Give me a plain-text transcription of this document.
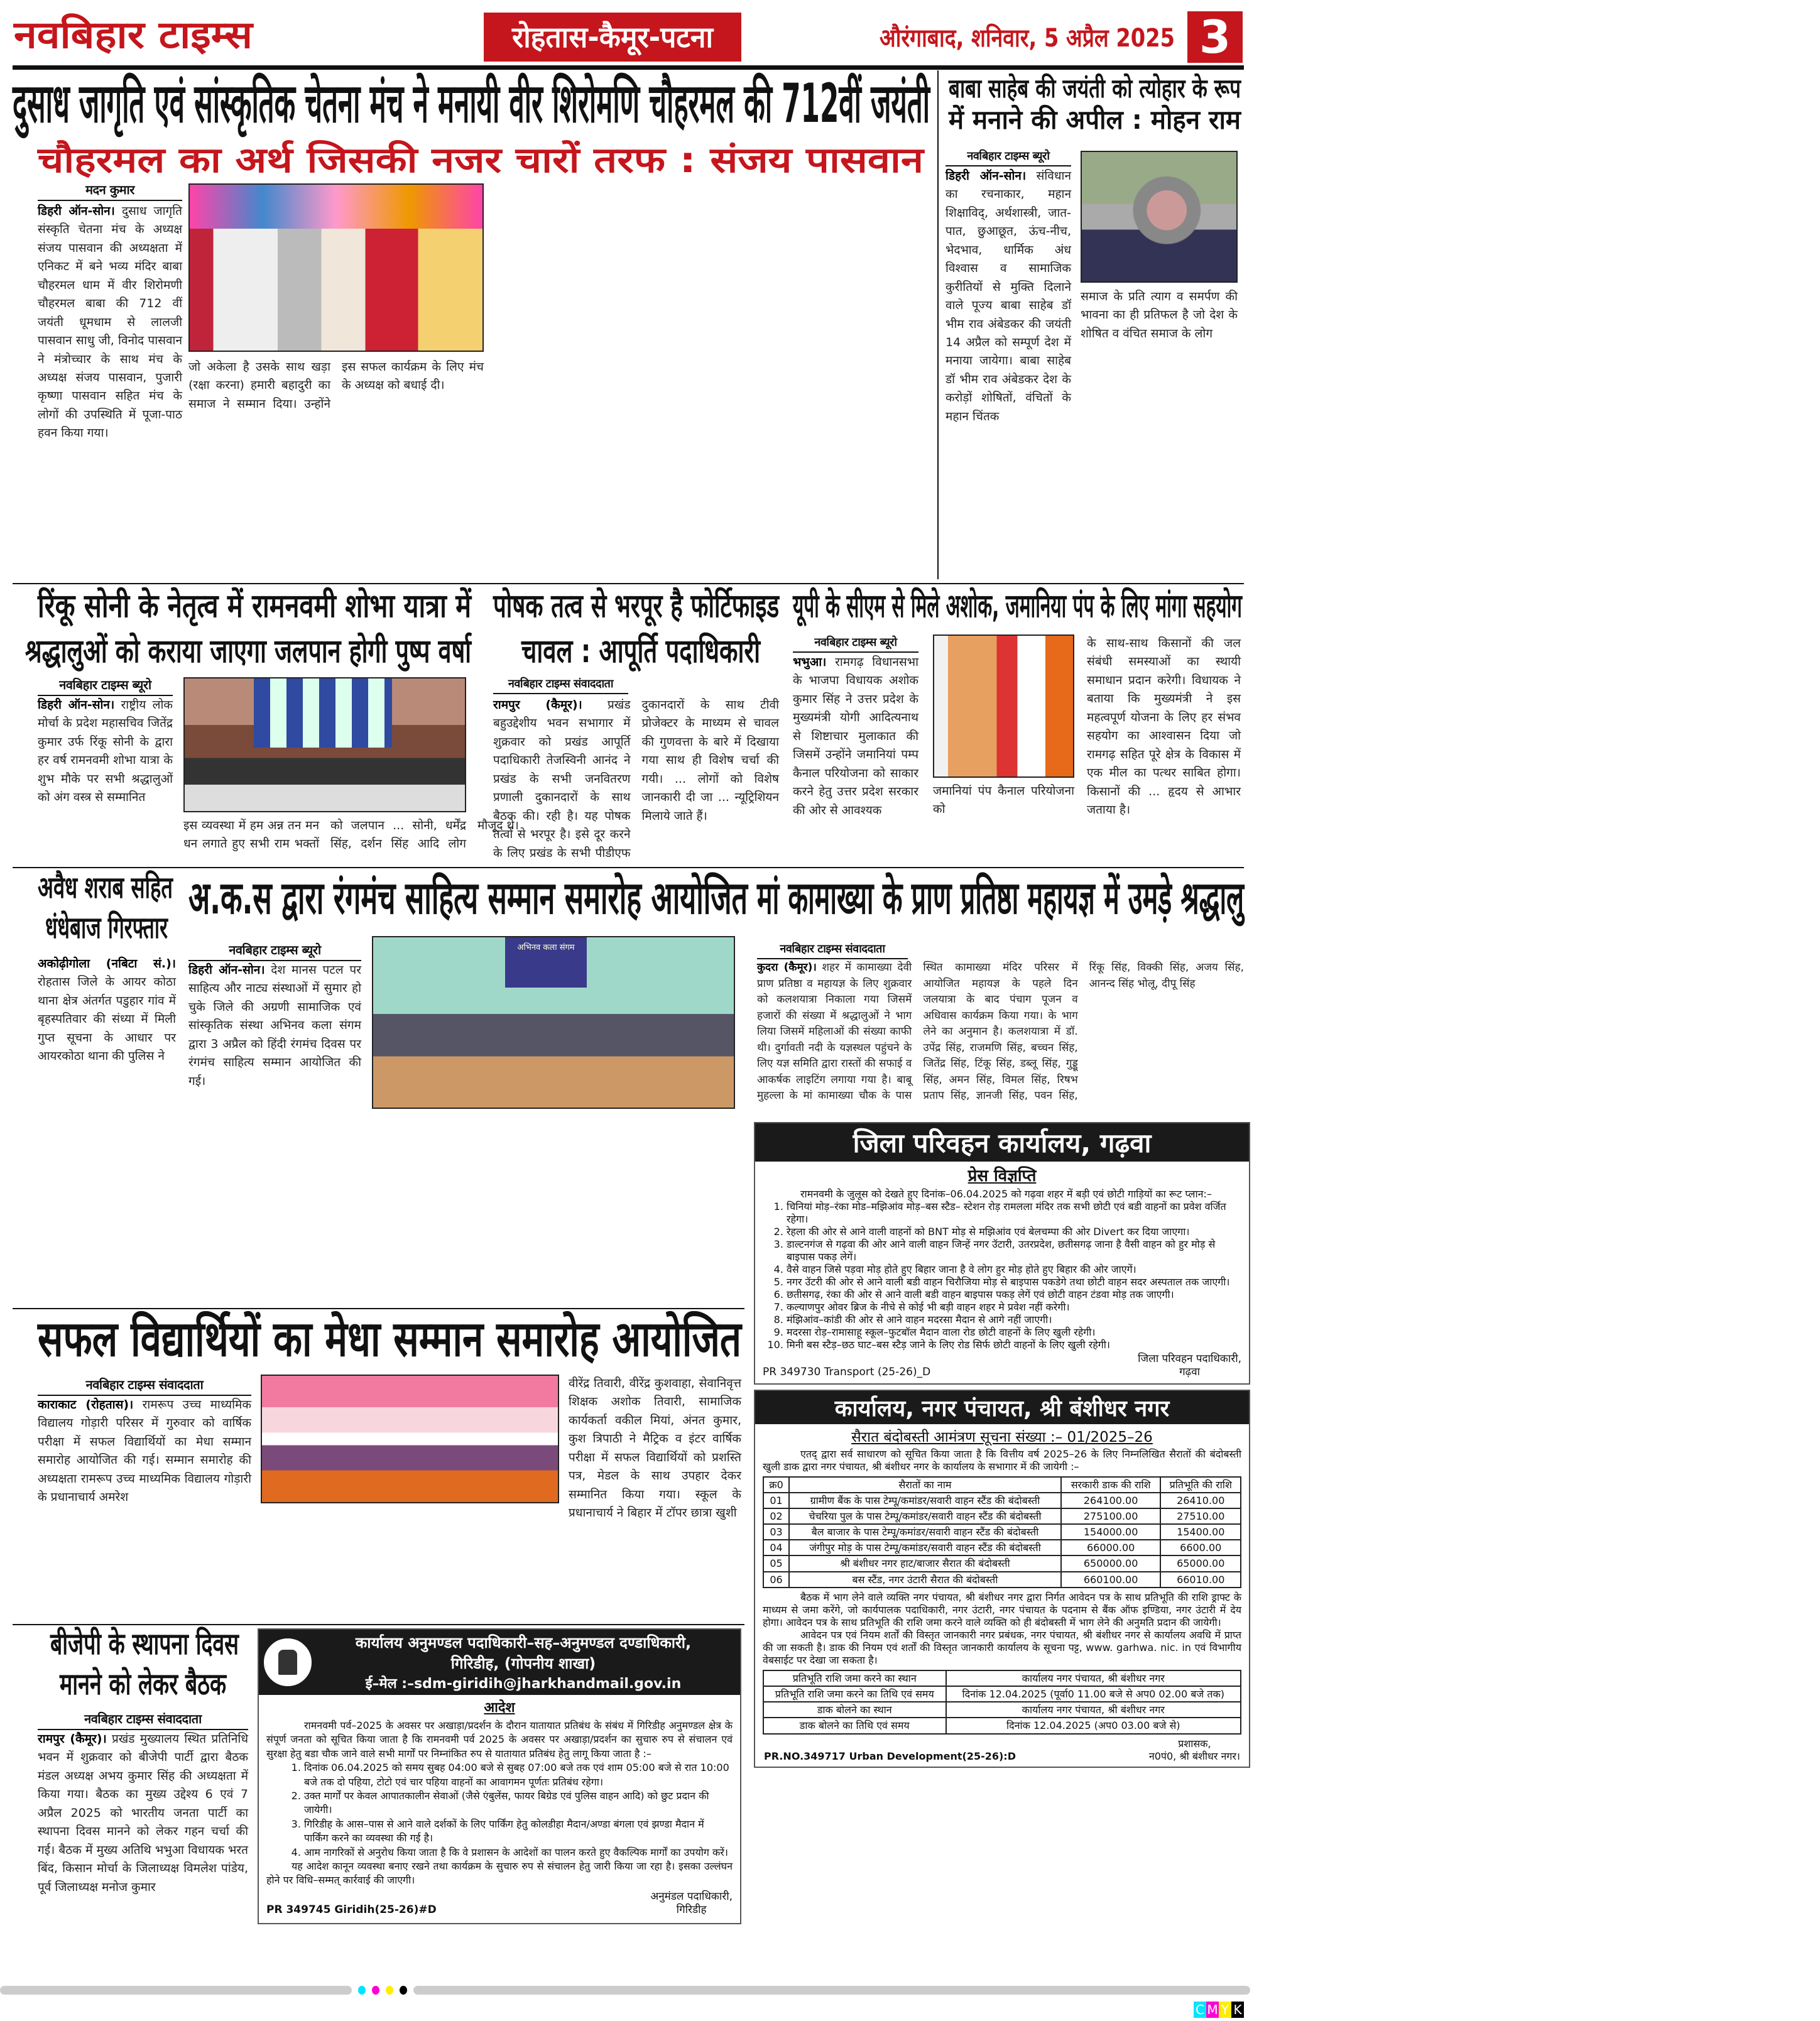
नवबिहार टाइम्स	रोहतास-कैमूर-पटना	औरंगाबाद, शनिवार, 5 अप्रैल 2025 3
दुसाध जागृति एवं सांस्कृतिक चेतना मंच ने मनायी वीर शिरोमणि चौहरमल की 712वीं जयंती
चौहरमल का अर्थ जिसकी नजर चारों तरफ : संजय पासवान
मदन कुमार
डिहरी ऑन-सोन। दुसाध जागृति संस्कृति चेतना मंच के अध्यक्ष संजय पासवान की अध्यक्षता में एनिकट में बने भव्य मंदिर बाबा चौहरमल धाम में वीर शिरोमणी चौहरमल बाबा की 712 वीं जयंती धूमधाम से लालजी पासवान साधु जी, विनोद पासवान ने मंत्रोच्चार के साथ मंच के अध्यक्ष संजय पासवान, पुजारी कृष्णा पासवान सहित मंच के लोगों की उपस्थिति में पूजा-पाठ हवन किया गया।
जो अकेला है उसके साथ खड़ा (रक्षा करना) हमारी बहादुरी का समाज ने सम्मान दिया। उन्होंने इस सफल कार्यक्रम के लिए मंच के अध्यक्ष को बधाई दी।
बाबा साहेब की जयंती को त्योहार के रूप
में मनाने की अपील : मोहन राम
नवबिहार टाइम्स ब्यूरो
डिहरी ऑन-सोन। संविधान का रचनाकार, महान शिक्षाविद्, अर्थशास्त्री, जात- पात, छुआछूत, ऊंच-नीच, भेदभाव, धार्मिक अंध विश्वास व सामाजिक कुरीतियों से मुक्ति दिलाने वाले पूज्य बाबा साहेब डॉ भीम राव अंबेडकर की जयंती 14 अप्रैल को सम्पूर्ण देश में मनाया जायेगा। बाबा साहेब डॉ भीम राव अंबेडकर देश के करोड़ों शोषितों, वंचितों के महान चिंतक
समाज के प्रति त्याग व समर्पण की भावना का ही प्रतिफल है जो देश के शोषित व वंचित समाज के लोग
रिंकू सोनी के नेतृत्व में रामनवमी शोभा यात्रा में
श्रद्धालुओं को कराया जाएगा जलपान होगी पुष्प वर्षा
नवबिहार टाइम्स ब्यूरो
डिहरी ऑन-सोन। राष्ट्रीय लोक मोर्चा के प्रदेश महासचिव जितेंद्र कुमार उर्फ रिंकू सोनी के द्वारा हर वर्ष रामनवमी शोभा यात्रा के शुभ मौके पर सभी श्रद्धालुओं को अंग वस्त्र से सम्मानित
इस व्यवस्था में हम अन्न तन मन धन लगाते हुए सभी राम भक्तों को जलपान ... सोनी, धर्मेंद्र सिंह, दर्शन सिंह आदि लोग मौजूद थे।
पोषक तत्व से भरपूर है फोर्टिफाइड
चावल : आपूर्ति पदाधिकारी
नवबिहार टाइम्स संवाददाता
रामपुर (कैमूर)। प्रखंड बहुउद्देशीय भवन सभागार में शुक्रवार को प्रखंड आपूर्ति पदाधिकारी तेजस्विनी आनंद ने प्रखंड के सभी जनवितरण प्रणाली दुकानदारों के साथ बैठक की। रही है। यह पोषक तत्वों से भरपूर है। इसे दूर करने के लिए प्रखंड के सभी पीडीएफ दुकानदारों के साथ टीवी प्रोजेक्टर के माध्यम से चावल की गुणवत्ता के बारे में दिखाया गया साथ ही विशेष चर्चा की गयी। ... लोगों को विशेष जानकारी दी जा ... न्यूट्रिशियन मिलाये जाते हैं।
यूपी के सीएम से मिले अशोक, जमानिया पंप के लिए मांगा सहयोग
नवबिहार टाइम्स ब्यूरो
भभुआ। रामगढ़ विधानसभा के भाजपा विधायक अशोक कुमार सिंह ने उत्तर प्रदेश के मुख्यमंत्री योगी आदित्यनाथ से शिष्टाचार मुलाकात की जिसमें उन्होंने जमानियां पम्प कैनाल परियोजना को साकार करने हेतु उत्तर प्रदेश सरकार की ओर से आवश्यक
जमानियां पंप कैनाल परियोजना को
के साथ-साथ किसानों की जल संबंधी समस्याओं का स्थायी समाधान प्रदान करेगी। विधायक ने बताया कि मुख्यमंत्री ने इस महत्वपूर्ण योजना के लिए हर संभव सहयोग का आश्वासन दिया जो रामगढ़ सहित पूरे क्षेत्र के विकास में एक मील का पत्थर साबित होगा। किसानों की ... हृदय से आभार जताया है।
अवैध शराब सहित
धंधेबाज गिरफ्तार
अकोढ़ीगोला (नबिटा सं.)। रोहतास जिले के आयर कोठा थाना क्षेत्र अंतर्गत पडुहार गांव में बृहस्पतिवार की संध्या में मिली गुप्त सूचना के आधार पर आयरकोठा थाना की पुलिस ने
अ.क.स द्वारा रंगमंच साहित्य सम्मान समारोह आयोजित
नवबिहार टाइम्स ब्यूरो
डिहरी ऑन-सोन। देश मानस पटल पर साहित्य और नाट्य संस्थाओं में सुमार हो चुके जिले की अग्रणी सामाजिक एवं सांस्कृतिक संस्था अभिनव कला संगम द्वारा 3 अप्रैल को हिंदी रंगमंच दिवस पर रंगमंच साहित्य सम्मान आयोजित की गई।
अभिनव कला संगम
मां कामाख्या के प्राण प्रतिष्ठा महायज्ञ में उमड़े श्रद्धालु
नवबिहार टाइम्स संवाददाता
कुदरा (कैमूर)। शहर में कामाख्या देवी प्राण प्रतिष्ठा व महायज्ञ के लिए शुक्रवार को कलशयात्रा निकाला गया जिसमें हजारों की संख्या में श्रद्धालुओं ने भाग लिया जिसमें महिलाओं की संख्या काफी थी। दुर्गावती नदी के यज्ञस्थल पहुंचने के लिए यज्ञ समिति द्वारा रास्तों की सफाई व आकर्षक लाइटिंग लगाया गया है। बाबू मुहल्ला के मां कामाख्या चौक के पास स्थित कामाख्या मंदिर परिसर में आयोजित महायज्ञ के पहले दिन जलयात्रा के बाद पंचाग पूजन व अधिवास कार्यक्रम किया गया। के भाग लेने का अनुमान है। कलशयात्रा में डॉ. उपेंद्र सिंह, राजमणि सिंह, बच्चन सिंह, जितेंद्र सिंह, टिंकू सिंह, डब्लू सिंह, गुड्डू सिंह, अमन सिंह, विमल सिंह, रिषभ प्रताप सिंह, ज्ञानजी सिंह, पवन सिंह, रिंकू सिंह, विक्की सिंह, अजय सिंह, आनन्द सिंह भोलू, दीपू सिंह
जिला परिवहन कार्यालय, गढ़वा
प्रेस विज्ञप्ति
रामनवमी के जुलूस को देखते हुए दिनांक–06.04.2025 को गढ़वा शहर में बड़ी एवं छोटी गाड़ियों का रूट प्लान:–
1. चिनियां मोड़–रंका मोड–मझिआंव मोड़–बस स्टैड– स्टेशन रोड़ रामलला मंदिर तक सभी छोटी एवं बडी वाहनों का प्रवेश वर्जित रहेगा।
2. रेहला की ओर से आने वाली वाहनों को BNT मोड़ से मझिआंव एवं बेलचम्पा की ओर Divert कर दिया जाएगा।
3. डाल्टनगंज से गढ़वा की ओर आने वाली वाहन जिन्हें नगर उॅटारी, उतरप्रदेश, छतीसगढ़ जाना है वैसी वाहन को हुर मोड़ से बाइपास पकड़ लेगें।
4. वैसे वाहन जिसे पड़वा मोड़ होते हुए बिहार जाना है वे लोग हुर मोड़ होते हुए बिहार की ओर जाएगें।
5. नगर उॅटरी की ओर से आने वाली बडी वाहन चिरौजिया मोड़ से बाइपास पकडेगे तथा छोटी वाहन सदर अस्पताल तक जाएगी।
6. छतीसगढ़, रंका की ओर से आने वाली बडी वाहन बाइपास पकड़ लेगें एवं छोटी वाहन टंडवा मोड़ तक जाएगी।
7. कल्याणपुर ओवर ब्रिज के नीचे से कोई भी बड़ी वाहन शहर मे प्रवेश नहीं करेगी।
8. मंझिआंव–कांडी की ओर से आने वाहन मदरसा मैदान से आगे नहीं जाएगी।
9. मदरसा रोड़–रामासाहू स्कूल–फुटबॉल मैदान वाला रोड छोटी वाहनों के लिए खुली रहेगी।
10. मिनी बस स्टैड़–छठ घाट–बस स्टैड़ जाने के लिए रोड सिर्फ छोटी वाहनों के लिए खुली रहेगी।
PR 349730 Transport (25-26)_D
जिला परिवहन पदाधिकारी,
गढ़वा
कार्यालय, नगर पंचायत, श्री बंशीधर नगर
सैरात बंदोबस्ती आमंत्रण सूचना संख्या :– 01/2025–26
एतद् द्वारा सर्व साधारण को सूचित किया जाता है कि वित्तीय वर्ष 2025–26 के लिए निम्नलिखित सैरातों की बंदोबस्ती खुली डाक द्वारा नगर पंचायत, श्री बंशीधर नगर के कार्यालय के सभागार में की जायेगी :–
क्र0	सैरातों का नाम	सरकारी डाक की राशि	प्रतिभूति की राशि
01	ग्रामीण बैंक के पास टेम्पू/कमांडर/सवारी वाहन स्टैंड की बंदोबस्ती	264100.00	26410.00
02	चेचरिया पुल के पास टेम्पू/कमांडर/सवारी वाहन स्टैंड की बंदोबस्ती	275100.00	27510.00
03	बैल बाजार के पास टेम्पू/कमांडर/सवारी वाहन स्टैंड की बंदोबस्ती	154000.00	15400.00
04	जंगीपुर मोड़ के पास टेम्पू/कमांडर/सवारी वाहन स्टैंड की बंदोबस्ती	66000.00	6600.00
05	श्री बंशीधर नगर हाट/बाजार सैरात की बंदोबस्ती	650000.00	65000.00
06	बस स्टैंड, नगर उंटारी सैरात की बंदोबस्ती	660100.00	66010.00
बैठक में भाग लेने वाले व्यक्ति नगर पंचायत, श्री बंशीधर नगर द्वारा निर्गत आवेदन पत्र के साथ प्रतिभूति की राशि ड्राफ्ट के माध्यम से जमा करेंगे, जो कार्यपालक पदाधिकारी, नगर उंटारी, नगर पंचायत के पदनाम से बैंक ऑफ इण्डिया, नगर उंटारी में देय होगा। आवेदन पत्र के साथ प्रतिभूति की राशि जमा करने वाले व्यक्ति को ही बंदोबस्ती में भाग लेने की अनुमति प्रदान की जायेगी।
आवेदन पत्र एवं नियम शर्तों की विस्तृत जानकारी नगर प्रबंधक, नगर पंचायत, श्री बंशीधर नगर से कार्यालय अवधि में प्राप्त की जा सकती है। डाक की नियम एवं शर्तों की विस्तृत जानकारी कार्यालय के सूचना पट्ट, www. garhwa. nic. in एवं विभागीय वेबसाईट पर देखा जा सकता है।
प्रतिभूति राशि जमा करने का स्थान	कार्यालय नगर पंचायत, श्री बंशीधर नगर
प्रतिभूति राशि जमा करने का तिथि एवं समय	दिनांक 12.04.2025 (पूर्वा0 11.00 बजे से अप0 02.00 बजे तक)
डाक बोलने का स्थान	कार्यालय नगर पंचायत, श्री बंशीधर नगर
डाक बोलने का तिथि एवं समय	दिनांक 12.04.2025 (अप0 03.00 बजे से)
PR.NO.349717 Urban Development(25-26):D
प्रशासक,
न0पं0, श्री बंशीधर नगर।
सफल विद्यार्थियों का मेधा सम्मान समारोह आयोजित
नवबिहार टाइम्स संवाददाता
काराकाट (रोहतास)। रामरूप उच्च माध्यमिक विद्यालय गोड़ारी परिसर में गुरुवार को वार्षिक परीक्षा में सफल विद्यार्थियों का मेधा सम्मान समारोह आयोजित की गई। सम्मान समारोह की अध्यक्षता रामरूप उच्च माध्यमिक विद्यालय गोड़ारी के प्रधानाचार्य अमरेश
वीरेंद्र तिवारी, वीरेंद्र कुशवाहा, सेवानिवृत्त शिक्षक अशोक तिवारी, सामाजिक कार्यकर्ता वकील मियां, अंनत कुमार, कुश त्रिपाठी ने मैट्रिक व इंटर वार्षिक परीक्षा में सफल विद्यार्थियों को प्रशस्ति पत्र, मेडल के साथ उपहार देकर सम्मानित किया गया। स्कूल के प्रधानाचार्य ने बिहार में टॉपर छात्रा खुशी
बीजेपी के स्थापना दिवस
मानने को लेकर बैठक
नवबिहार टाइम्स संवाददाता
रामपुर (कैमूर)। प्रखंड मुख्यालय स्थित प्रतिनिधि भवन में शुक्रवार को बीजेपी पार्टी द्वारा बैठक मंडल अध्यक्ष अभय कुमार सिंह की अध्यक्षता में किया गया। बैठक का मुख्य उद्देश्य 6 एवं 7 अप्रैल 2025 को भारतीय जनता पार्टी का स्थापना दिवस मानने को लेकर गहन चर्चा की गई। बैठक में मुख्य अतिथि भभुआ विधायक भरत बिंद, किसान मोर्चा के जिलाध्यक्ष विमलेश पांडेय, पूर्व जिलाध्यक्ष मनोज कुमार
कार्यालय अनुमण्डल पदाधिकारी–सह–अनुमण्डल दण्डाधिकारी,
गिरिडीह, (गोपनीय शाखा)
ई–मेल :–sdm-giridih@jharkhandmail.gov.in
आदेश
रामनवमी पर्व–2025 के अवसर पर अखाड़ा/प्रदर्शन के दौरान यातायात प्रतिबंध के संबंध में गिरिडीह अनुमण्डल क्षेत्र के संपूर्ण जनता को सूचित किया जाता है कि रामनवमी पर्व 2025 के अवसर पर अखाड़ा/प्रदर्शन का सुचारु रुप से संचालन एवं सुरक्षा हेतु बडा चौक जाने वाले सभी मार्गों पर निम्नांकित रुप से यातायात प्रतिबंध हेतु लागू किया जाता है :–
1. दिनांक 06.04.2025 को समय सुबह 04:00 बजे से सुबह 07:00 बजे तक एवं शाम 05:00 बजे से रात 10:00 बजे तक दो पहिया, टोटो एवं चार पहिया वाहनों का आवागमन पूर्णतः प्रतिबंध रहेगा।
2. उक्त मार्गों पर केवल आपातकालीन सेवाओं (जैसे एंबुलेंस, फायर बिग्रेड एवं पुलिस वाहन आदि) को छुट प्रदान की जायेगी।
3. गिरिडीह के आस–पास से आने वाले दर्शकों के लिए पार्किंग हेतु कोलडीहा मैदान/अण्डा बंगला एवं झण्डा मैदान में पार्किंग करने का व्यवस्था की गई है।
4. आम नागरिकों से अनुरोध किया जाता है कि वे प्रशासन के आदेशों का पालन करते हुए वैकल्पिक मार्गों का उपयोग करें।
यह आदेश कानून व्यवस्था बनाए रखने तथा कार्यक्रम के सुचारु रुप से संचालन हेतु जारी किया जा रहा है। इसका उल्लंघन होने पर विधि–सम्मत् कार्रवाई की जाएगी।
PR 349745 Giridih(25-26)#D
अनुमंडल पदाधिकारी,
गिरिडीह
C M Y K
